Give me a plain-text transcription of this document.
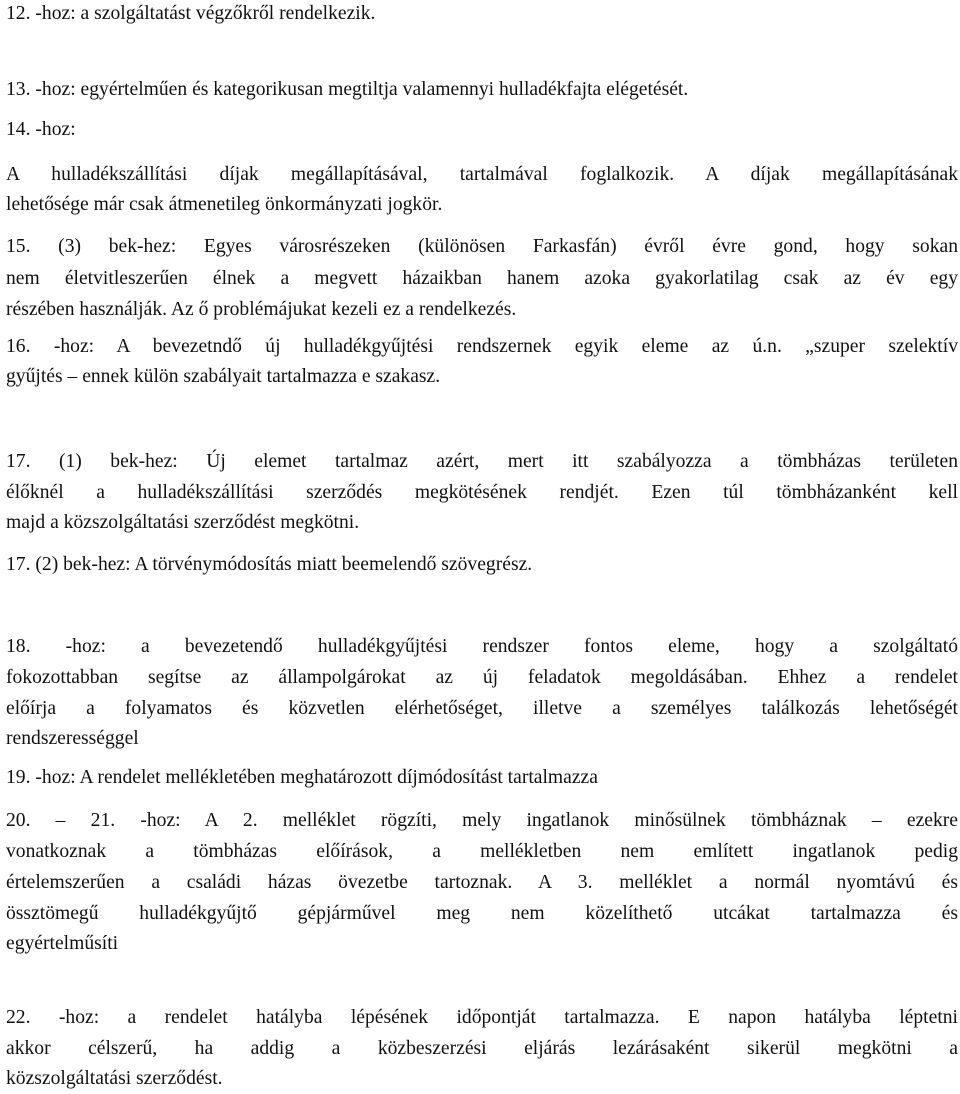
12. -hoz: a szolgáltatást végzőkről rendelkezik.
13. -hoz: egyértelműen és kategorikusan megtiltja valamennyi hulladékfajta elégetését.
14. -hoz:
A hulladékszállítási díjak megállapításával, tartalmával foglalkozik. A díjak megállapításának
lehetősége már csak átmenetileg önkormányzati jogkör.
15. (3) bek-hez: Egyes városrészeken (különösen Farkasfán) évről évre gond, hogy sokan
nem életvitleszerűen élnek a megvett házaikban hanem azoka gyakorlatilag csak az év egy
részében használják. Az ő problémájukat kezeli ez a rendelkezés.
16. -hoz: A bevezetndő új hulladékgyűjtési rendszernek egyik eleme az ú.n. „szuper szelektív
gyűjtés – ennek külön szabályait tartalmazza e szakasz.
17. (1) bek-hez: Új elemet tartalmaz azért, mert itt szabályozza a tömbházas területen
élőknél a hulladékszállítási szerződés megkötésének rendjét. Ezen túl tömbházanként kell
majd a közszolgáltatási szerződést megkötni.
17. (2) bek-hez: A törvénymódosítás miatt beemelendő szövegrész.
18. -hoz: a bevezetendő hulladékgyűjtési rendszer fontos eleme, hogy a szolgáltató
fokozottabban segítse az állampolgárokat az új feladatok megoldásában. Ehhez a rendelet
előírja a folyamatos és közvetlen elérhetőséget, illetve a személyes találkozás lehetőségét
rendszerességgel
19. -hoz: A rendelet mellékletében meghatározott díjmódosítást tartalmazza
20. – 21. -hoz: A 2. melléklet rögzíti, mely ingatlanok minősülnek tömbháznak – ezekre
vonatkoznak a tömbházas előírások, a mellékletben nem említett ingatlanok pedig
értelemszerűen a családi házas övezetbe tartoznak. A 3. melléklet a normál nyomtávú és
össztömegű hulladékgyűjtő gépjárművel meg nem közelíthető utcákat tartalmazza és
egyértelműsíti
22. -hoz: a rendelet hatályba lépésének időpontját tartalmazza. E napon hatályba léptetni
akkor célszerű, ha addig a közbeszerzési eljárás lezárásaként sikerül megkötni a
közszolgáltatási szerződést.
